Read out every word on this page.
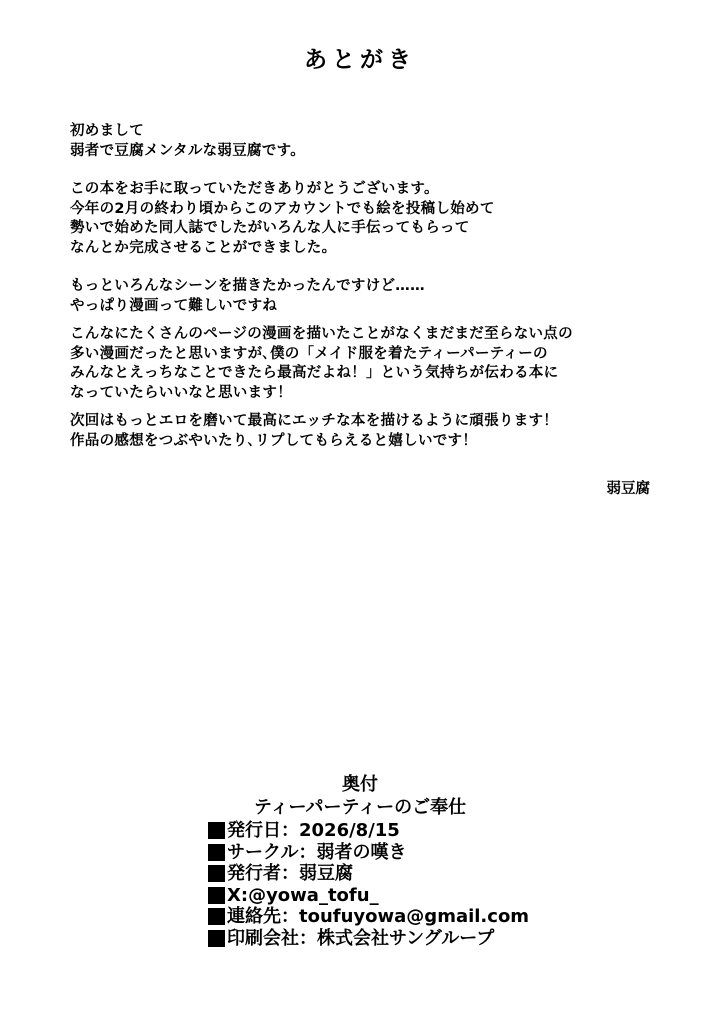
あとがき
初めまして
弱者で豆腐メンタルな弱豆腐です。
この本をお手に取っていただきありがとうございます。
今年の2月の終わり頃からこのアカウントでも絵を投稿し始めて
勢いで始めた同人誌でしたがいろんな人に手伝ってもらって
なんとか完成させることができました。
もっといろんなシーンを描きたかったんですけど……
やっぱり漫画って難しいですね
こんなにたくさんのページの漫画を描いたことがなくまだまだ至らない点の
多い漫画だったと思いますが､僕の「メイド服を着たティーパーティーの
みんなとえっちなことできたら最高だよね！」という気持ちが伝わる本に
なっていたらいいなと思います！
次回はもっとエロを磨いて最高にエッチな本を描けるように頑張ります！
作品の感想をつぶやいたり､リプしてもらえると嬉しいです！
弱豆腐
奥付
ティーパーティーのご奉仕
発行日：2026/8/15
サークル：弱者の嘆き
発行者：弱豆腐
X:@yowa_tofu_
連絡先：toufuyowa@gmail.com
印刷会社：株式会社サングループ
